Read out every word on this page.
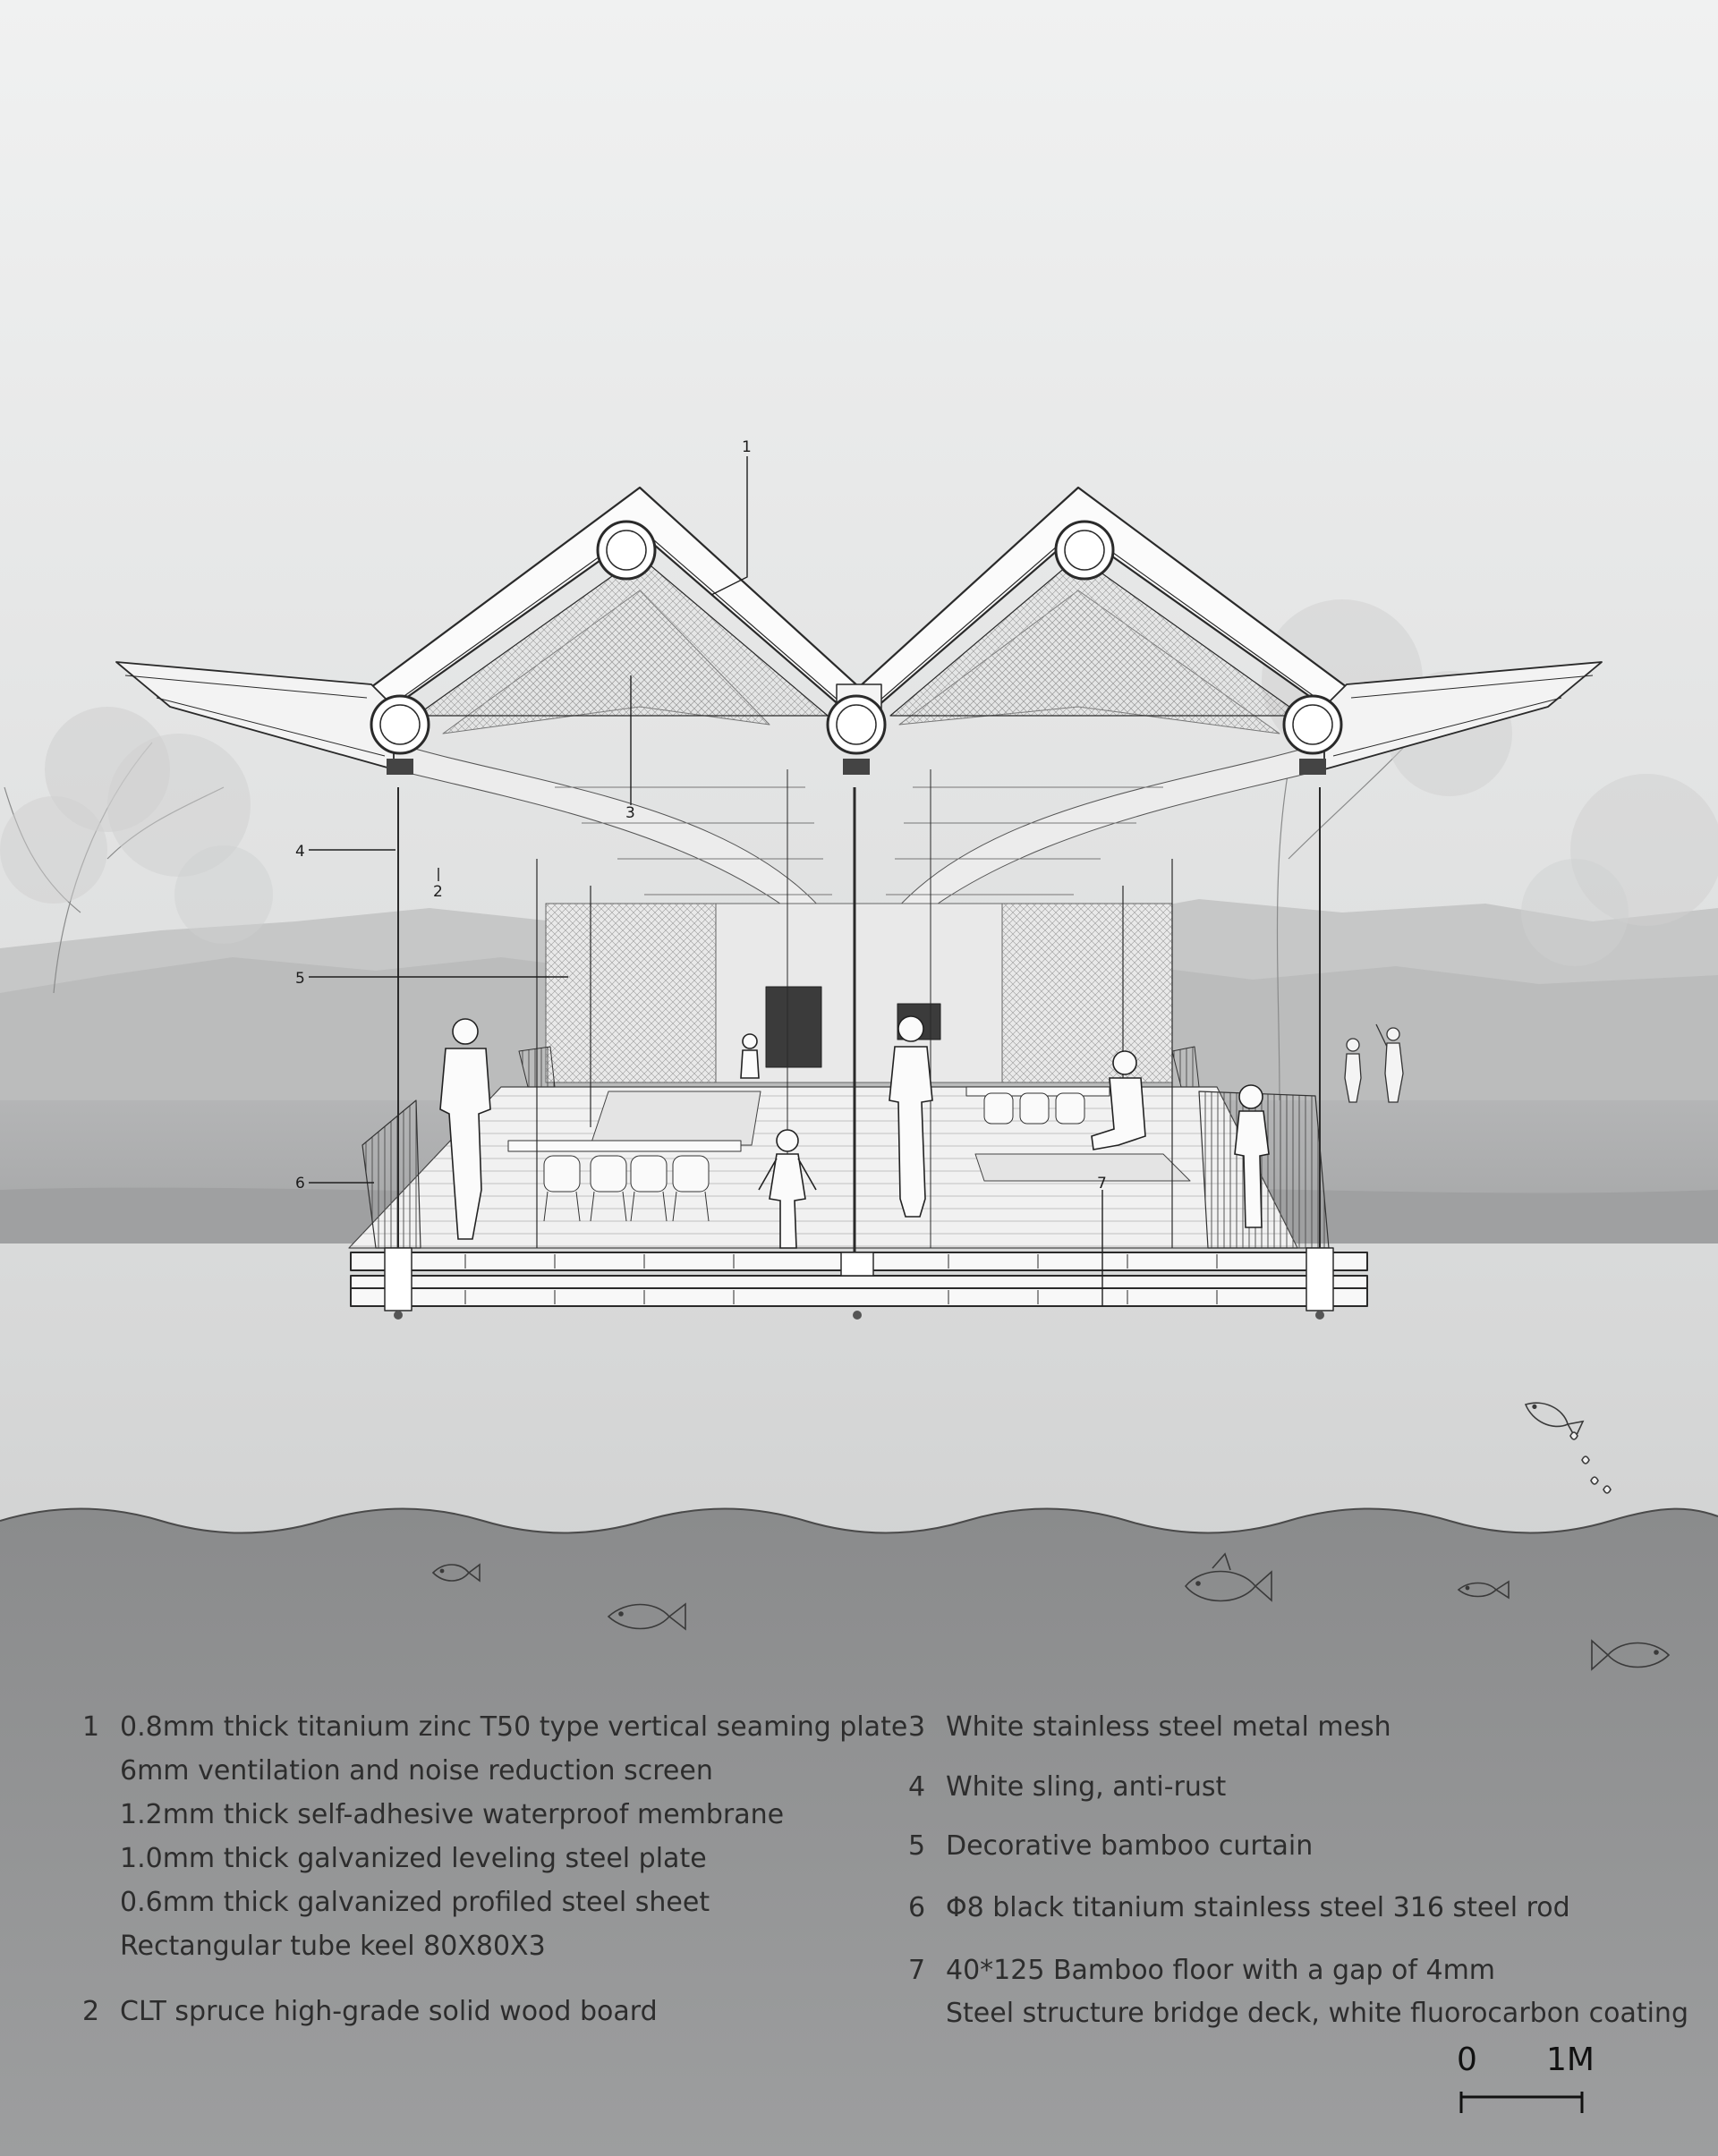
1
2
3
4
5
6	7
1 0.8mm thick titanium zinc T50 type vertical seaming plate
6mm ventilation and noise reduction screen
1.2mm thick self-adhesive waterproof membrane
1.0mm thick galvanized leveling steel plate
0.6mm thick galvanized profiled steel sheet
Rectangular tube keel 80X80X3
2 CLT spruce high-grade solid wood board
3 White stainless steel metal mesh
4 White sling, anti-rust
5 Decorative bamboo curtain
6 Φ8 black titanium stainless steel 316 steel rod
7 40*125 Bamboo floor with a gap of 4mm
Steel structure bridge deck, white fluorocarbon coating
0 1M
